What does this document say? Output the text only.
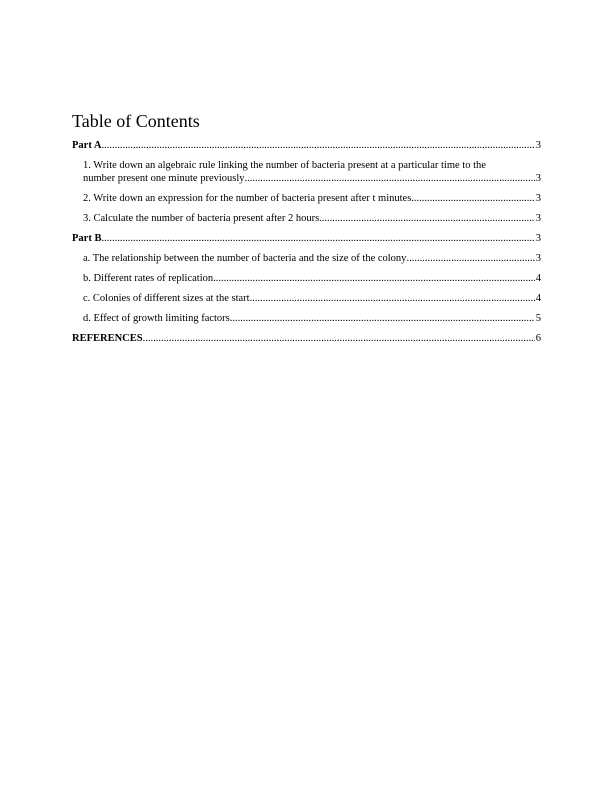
Table of Contents
Part A .....	3
1. Write down an algebraic rule linking the number of bacteria present at a particular time to the
number present one minute previously .....	3
2. Write down an expression for the number of bacteria present after t minutes .....	3
3. Calculate the number of bacteria present after 2 hours .....	3
Part B .....	3
a. The relationship between the number of bacteria and the size of the colony .....	3
b. Different rates of replication .....	4
c. Colonies of different sizes at the start .....	4
d. Effect of growth limiting factors .....	5
REFERENCES .....	6
